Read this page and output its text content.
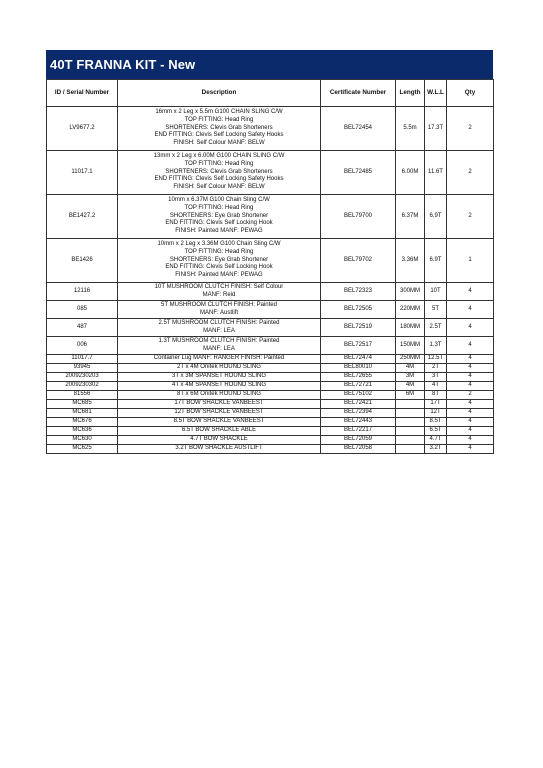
40T FRANNA KIT - New
ID / Serial Number	Description	Certificate Number	Length	W.L.L	Qty
LV9677.2	16mm x 2 Leg x 5.5m G100 CHAIN SLING C/W
TOP FITTING: Head Ring
SHORTENERS: Clevis Grab Shorteners
END FITTING: Clevis Self Locking Safety Hooks
FINISH: Self Colour MANF: BELW	BEL72454	5.5m	17.3T	2
11017.1	13mm x 2 Leg x 6.00M G100 CHAIN SLING C/W
TOP FITTING: Head Ring
SHORTENERS: Clevis Grab Shorteners
END FITTING: Clevis Self Locking Safety Hooks
FINISH: Self Colour MANF: BELW	BEL72485	6.00M	11.6T	2
BE1427.2	10mm x 6.37M G100 Chain Sling C/W
TOP FITTING: Head Ring
SHORTENERS: Eye Grab Shortener
END FITTING: Clevis Self Locking Hook
FINISH: Painted MANF: PEWAG	BEL79700	6.37M	6.9T	2
BE1426	10mm x 2 Leg x 3.36M G100 Chain Sling C/W
TOP FITTING: Head Ring
SHORTENERS: Eye Grab Shortener
END FITTING: Clevis Self Locking Hook
FINISH: Painted MANF: PEWAG	BEL79702	3.36M	6.9T	1
12116	10T MUSHROOM CLUTCH FINISH: Self Colour
MANF: Reid	BEL72323	300MM	10T	4
085	5T MUSHROOM CLUTCH FINISH: Painted
MANF: Austlift	BEL72505	220MM	5T	4
487	2.5T MUSHROOM CLUTCH FINISH: Painted
MANF: LEA	BEL72519	180MM	2.5T	4
006	1.3T MUSHROOM CLUTCH FINISH: Painted
MANF: LEA	BEL72517	150MM	1.3T	4
11017.7	Container Lug MANF: RANGER FINISH: Painted	BEL72474	250MM	12.5T	4
93945	2T x 4M Onitek ROUND SLING	BEL80010	4M	2T	4
2009230203	3T x 3M SPANSET ROUND SLING	BEL72655	3M	3T	4
2009230302	4T x 4M SPANSET ROUND SLING	BEL72721	4M	4T	4
81556	8T x 6M Onitek ROUND SLING	BEL75102	6M	8T	2
MC685	17T BOW SHACKLE VANBEEST	BEL72421		17T	4
MC681	12T BOW SHACKLE VANBEEST	BEL72394		12T	4
MC676	8.5T BOW SHACKLE VANBEEST	BEL72443		8.5T	4
MC636	6.5T BOW SHACKLE ABLE	BEL72217		6.5T	4
MC630	4.7T BOW SHACKLE	BEL72059		4.7T	4
MC625	3.2T BOW SHACKLE AUSTLIFT	BEL72058		3.2T	4
